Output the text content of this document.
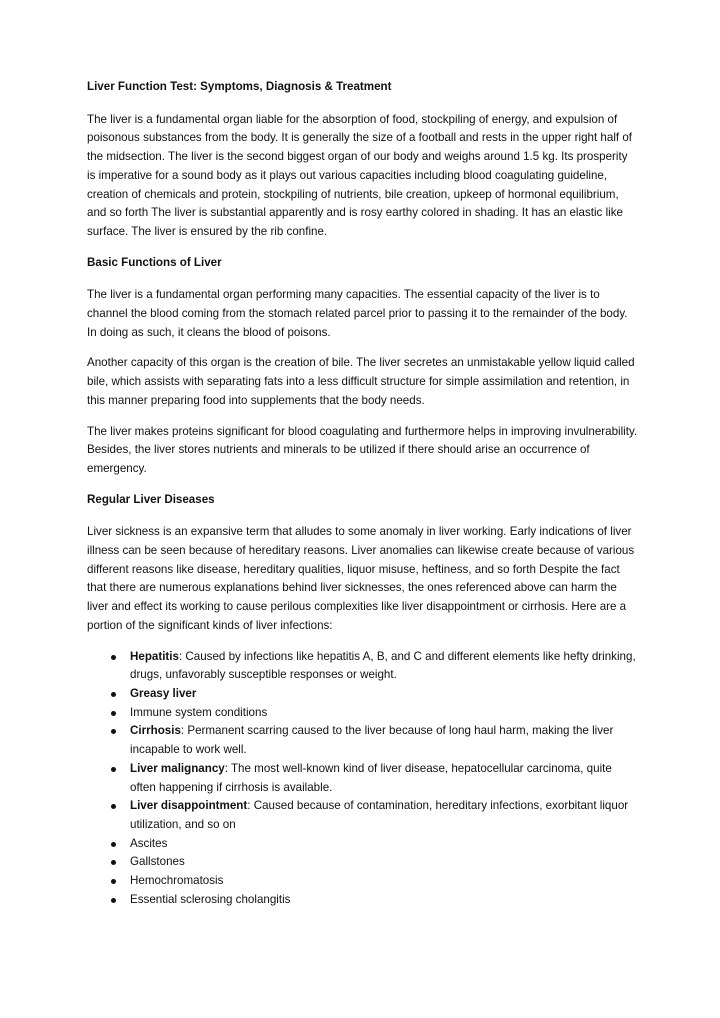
Liver Function Test: Symptoms, Diagnosis & Treatment

The liver is a fundamental organ liable for the absorption of food, stockpiling of energy, and expulsion of poisonous substances from the body. It is generally the size of a football and rests in the upper right half of the midsection. The liver is the second biggest organ of our body and weighs around 1.5 kg. Its prosperity is imperative for a sound body as it plays out various capacities including blood coagulating guideline, creation of chemicals and protein, stockpiling of nutrients, bile creation, upkeep of hormonal equilibrium, and so forth The liver is substantial apparently and is rosy earthy colored in shading. It has an elastic like surface. The liver is ensured by the rib confine.

Basic Functions of Liver

The liver is a fundamental organ performing many capacities. The essential capacity of the liver is to channel the blood coming from the stomach related parcel prior to passing it to the remainder of the body. In doing as such, it cleans the blood of poisons.

Another capacity of this organ is the creation of bile. The liver secretes an unmistakable yellow liquid called bile, which assists with separating fats into a less difficult structure for simple assimilation and retention, in this manner preparing food into supplements that the body needs.

The liver makes proteins significant for blood coagulating and furthermore helps in improving invulnerability. Besides, the liver stores nutrients and minerals to be utilized if there should arise an occurrence of emergency.

Regular Liver Diseases

Liver sickness is an expansive term that alludes to some anomaly in liver working. Early indications of liver illness can be seen because of hereditary reasons. Liver anomalies can likewise create because of various different reasons like disease, hereditary qualities, liquor misuse, heftiness, and so forth Despite the fact that there are numerous explanations behind liver sicknesses, the ones referenced above can harm the liver and effect its working to cause perilous complexities like liver disappointment or cirrhosis. Here are a portion of the significant kinds of liver infections:

Hepatitis: Caused by infections like hepatitis A, B, and C and different elements like hefty drinking, drugs, unfavorably susceptible responses or weight.
Greasy liver
Immune system conditions
Cirrhosis: Permanent scarring caused to the liver because of long haul harm, making the liver incapable to work well.
Liver malignancy: The most well-known kind of liver disease, hepatocellular carcinoma, quite often happening if cirrhosis is available.
Liver disappointment: Caused because of contamination, hereditary infections, exorbitant liquor utilization, and so on
Ascites
Gallstones
Hemochromatosis
Essential sclerosing cholangitis
